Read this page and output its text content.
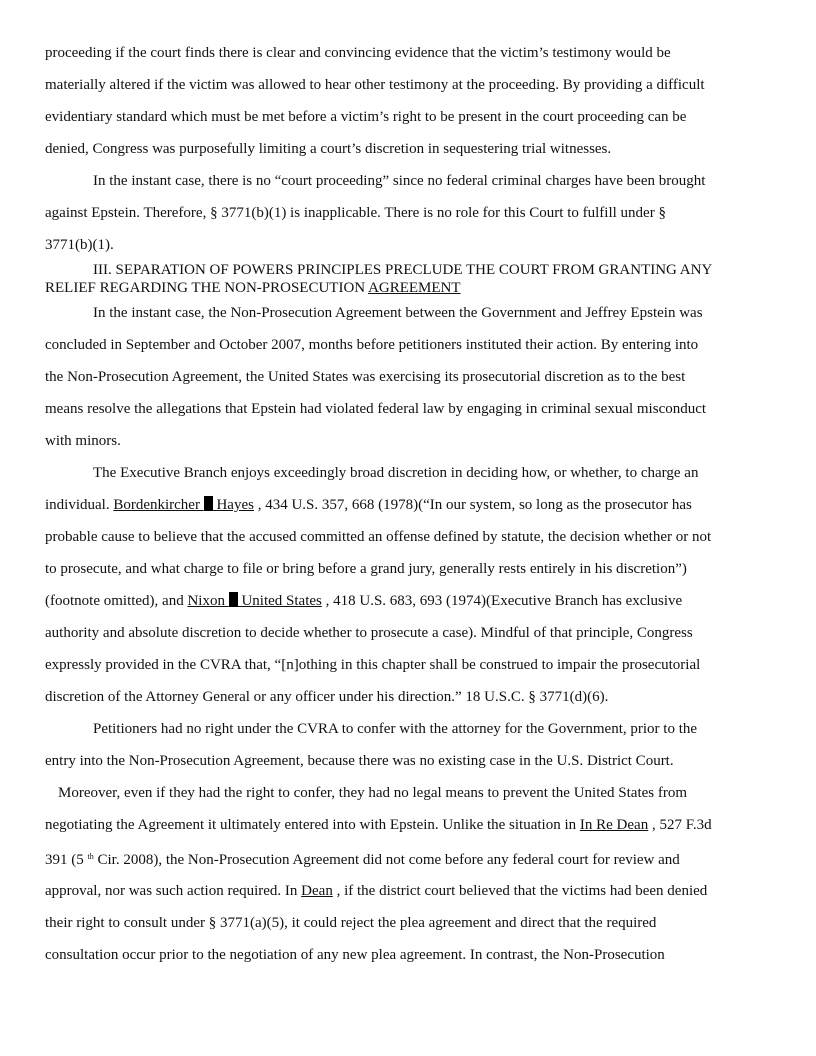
proceeding if the court finds there is clear and convincing evidence that the victim’s testimony would be
materially altered if the victim was allowed to hear other testimony at the proceeding. By providing a difficult
evidentiary standard which must be met before a victim’s right to be present in the court proceeding can be
denied, Congress was purposefully limiting a court’s discretion in sequestering trial witnesses.
In the instant case, there is no “court proceeding” since no federal criminal charges have been brought
against Epstein. Therefore, § 3771(b)(1) is inapplicable. There is no role for this Court to fulfill under §
3771(b)(1).
III. SEPARATION OF POWERS PRINCIPLES PRECLUDE THE COURT FROM GRANTING ANY
RELIEF REGARDING THE NON-PROSECUTION AGREEMENT
In the instant case, the Non-Prosecution Agreement between the Government and Jeffrey Epstein was
concluded in September and October 2007, months before petitioners instituted their action. By entering into
the Non-Prosecution Agreement, the United States was exercising its prosecutorial discretion as to the best
means resolve the allegations that Epstein had violated federal law by engaging in criminal sexual misconduct
with minors.
The Executive Branch enjoys exceedingly broad discretion in deciding how, or whether, to charge an
individual. Bordenkircher  Hayes , 434 U.S. 357, 668 (1978)(“In our system, so long as the prosecutor has
probable cause to believe that the accused committed an offense defined by statute, the decision whether or not
to prosecute, and what charge to file or bring before a grand jury, generally rests entirely in his discretion”)
(footnote omitted), and Nixon  United States , 418 U.S. 683, 693 (1974)(Executive Branch has exclusive
authority and absolute discretion to decide whether to prosecute a case). Mindful of that principle, Congress
expressly provided in the CVRA that, “[n]othing in this chapter shall be construed to impair the prosecutorial
discretion of the Attorney General or any officer under his direction.” 18 U.S.C. § 3771(d)(6).
Petitioners had no right under the CVRA to confer with the attorney for the Government, prior to the
entry into the Non-Prosecution Agreement, because there was no existing case in the U.S. District Court.
Moreover, even if they had the right to confer, they had no legal means to prevent the United States from
negotiating the Agreement it ultimately entered into with Epstein. Unlike the situation in In Re Dean , 527 F.3d
391 (5 $^{th}$ Cir. 2008), the Non-Prosecution Agreement did not come before any federal court for review and
approval, nor was such action required. In Dean , if the district court believed that the victims had been denied
their right to consult under § 3771(a)(5), it could reject the plea agreement and direct that the required
consultation occur prior to the negotiation of any new plea agreement. In contrast, the Non-Prosecution
